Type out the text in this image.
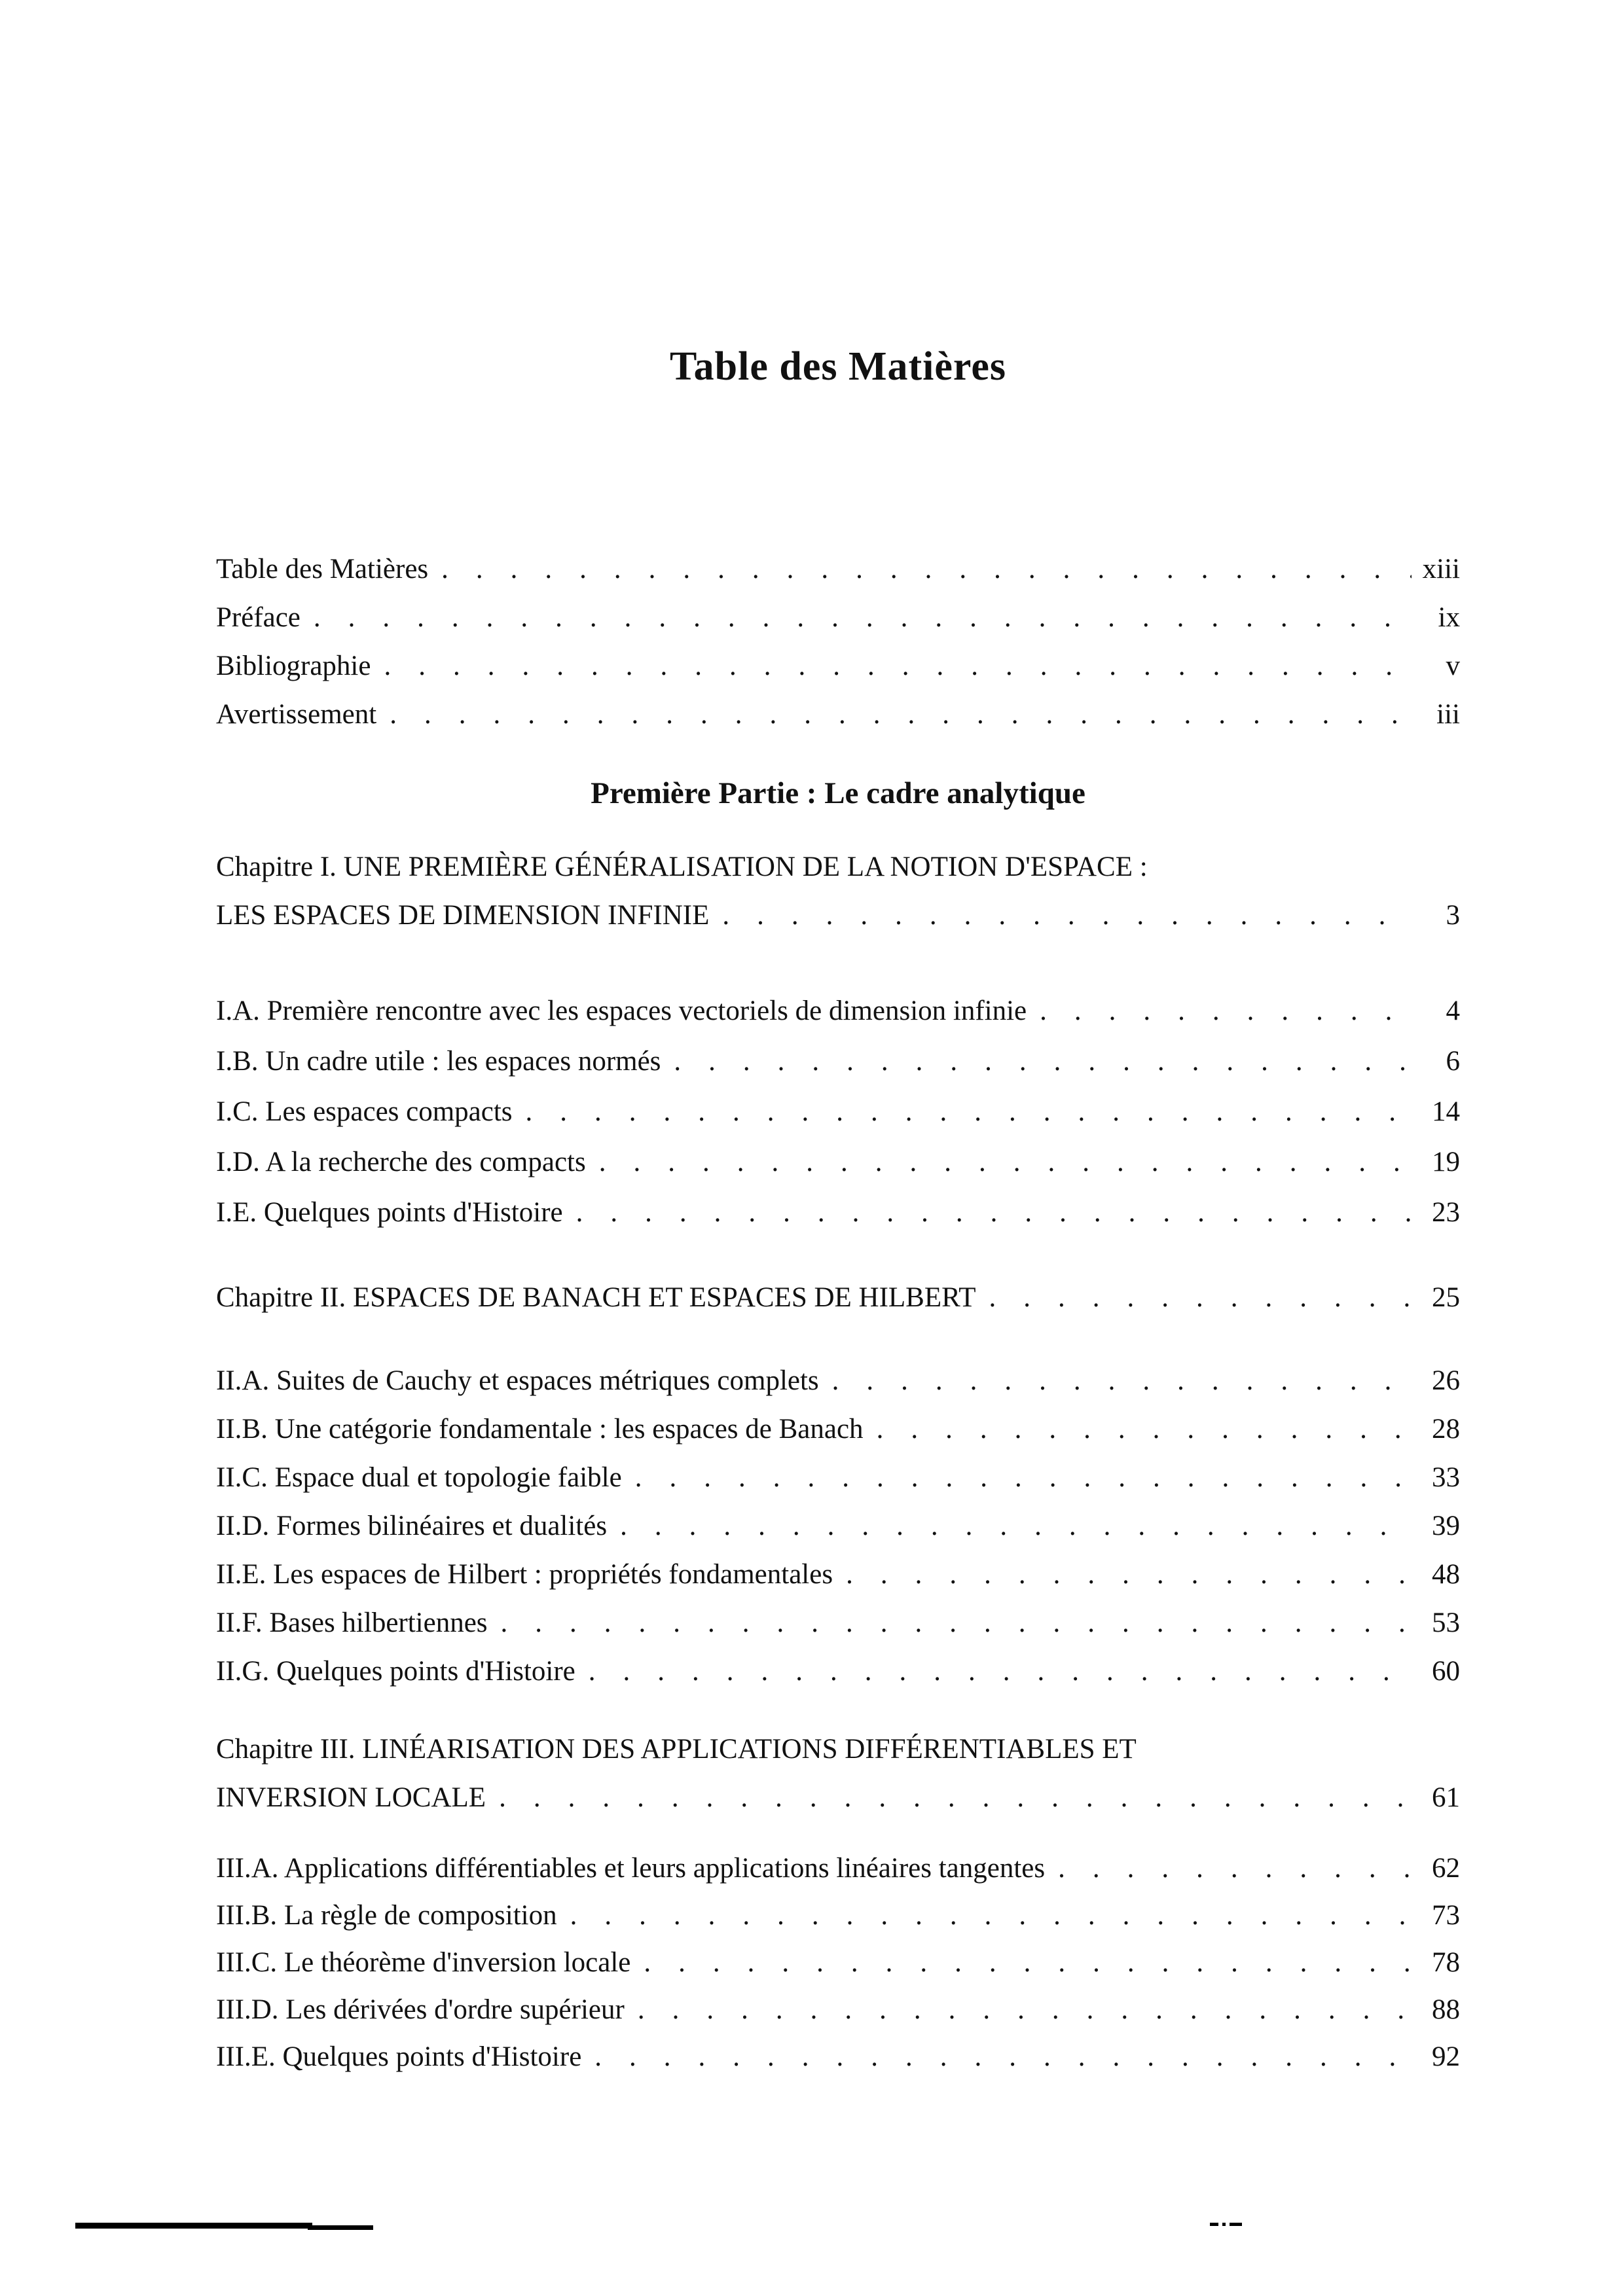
Table des Matières
Table des Matières .....	xiii
Préface .....	ix
Bibliographie .....	v
Avertissement .....	iii
Première Partie : Le cadre analytique
Chapitre I. UNE PREMIÈRE GÉNÉRALISATION DE LA NOTION D'ESPACE :
LES ESPACES DE DIMENSION INFINIE .....	3
I.A. Première rencontre avec les espaces vectoriels de dimension infinie .....	4
I.B. Un cadre utile : les espaces normés .....	6
I.C. Les espaces compacts .....	14
I.D. A la recherche des compacts .....	19
I.E. Quelques points d'Histoire .....	23
Chapitre II. ESPACES DE BANACH ET ESPACES DE HILBERT .....	25
II.A. Suites de Cauchy et espaces métriques complets .....	26
II.B. Une catégorie fondamentale : les espaces de Banach .....	28
II.C. Espace dual et topologie faible .....	33
II.D. Formes bilinéaires et dualités .....	39
II.E. Les espaces de Hilbert : propriétés fondamentales .....	48
II.F. Bases hilbertiennes .....	53
II.G. Quelques points d'Histoire .....	60
Chapitre III. LINÉARISATION DES APPLICATIONS DIFFÉRENTIABLES ET
INVERSION LOCALE .....	61
III.A. Applications différentiables et leurs applications linéaires tangentes .....	62
III.B. La règle de composition .....	73
III.C. Le théorème d'inversion locale .....	78
III.D. Les dérivées d'ordre supérieur .....	88
III.E. Quelques points d'Histoire .....	92
